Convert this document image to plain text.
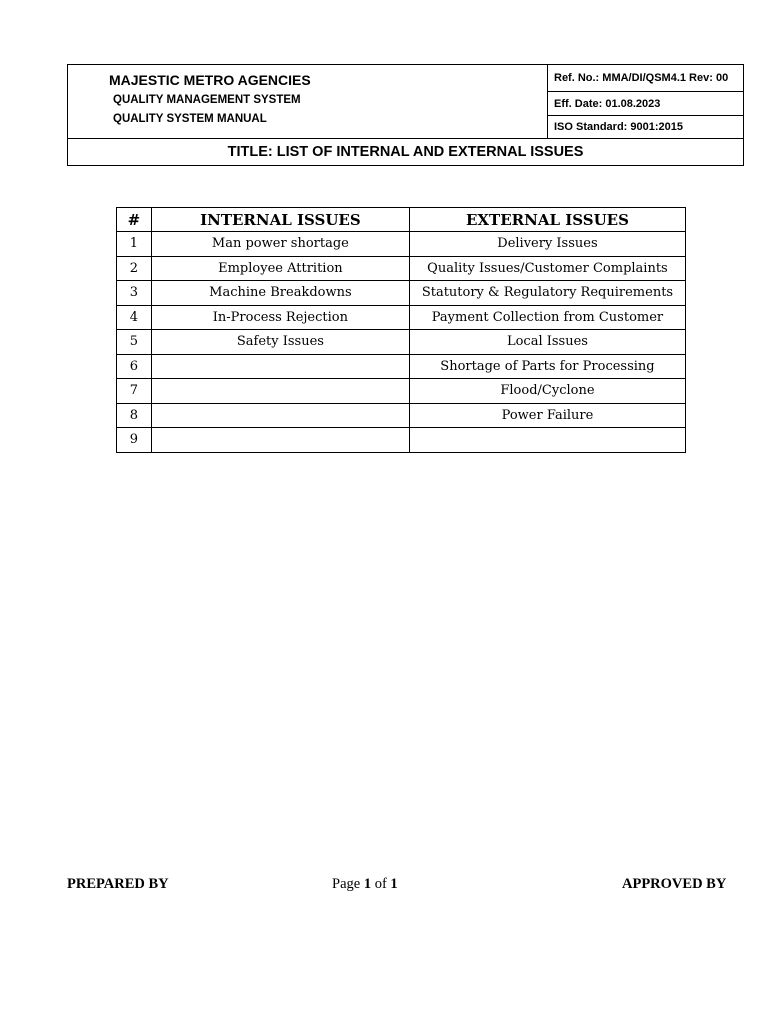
MAJESTIC METRO AGENCIES
QUALITY MANAGEMENT SYSTEM
QUALITY SYSTEM MANUAL
Ref. No.: MMA/DI/QSM4.1 Rev: 00
Eff. Date: 01.08.2023
ISO Standard: 9001:2015
TITLE: LIST OF INTERNAL AND EXTERNAL ISSUES
#	INTERNAL ISSUES	EXTERNAL ISSUES
1	Man power shortage	Delivery Issues
2	Employee Attrition	Quality Issues/Customer Complaints
3	Machine Breakdowns	Statutory & Regulatory Requirements
4	In-Process Rejection	Payment Collection from Customer
5	Safety Issues	Local Issues
6		Shortage of Parts for Processing
7		Flood/Cyclone
8		Power Failure
9		
PREPARED BY	Page 1 of 1	APPROVED BY
